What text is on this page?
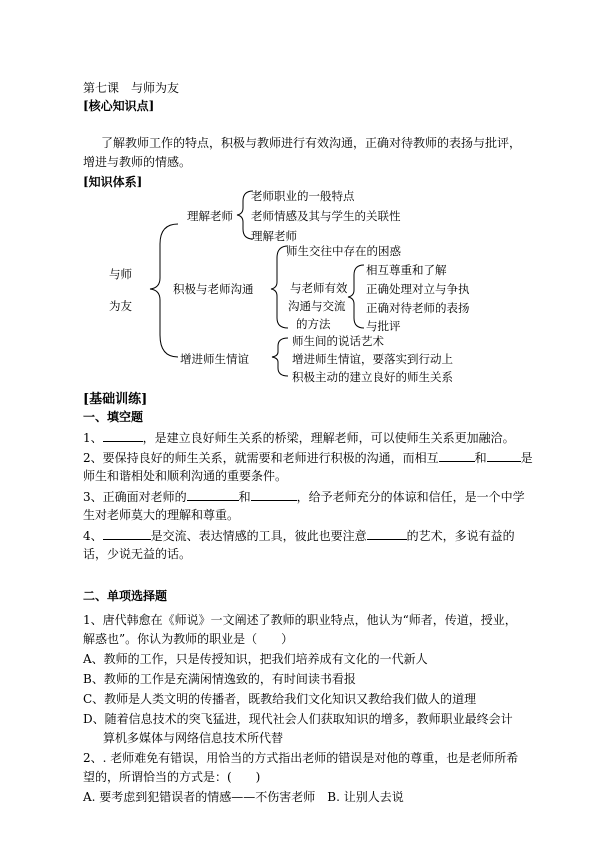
第七课　与师为友
[核心知识点]
了解教师工作的特点，积极与教师进行有效沟通，正确对待教师的表扬与批评，
增进与教师的情感。
[知识体系]
与师
为友
理解老师
老师职业的一般特点
老师情感及其与学生的关联性
理解老师
积极与老师沟通
师生交往中存在的困惑
与老师有效
沟通与交流
的方法
相互尊重和了解
正确处理对立与争执
正确对待老师的表扬
与批评
增进师生情谊
师生间的说话艺术
增进师生情谊，要落实到行动上
积极主动的建立良好的师生关系
[基础训练]
一、填空题
1、	，是建立良好师生关系的桥梁，理解老师，可以使师生关系更加融洽。
2、要保持良好的师生关系，就需要和老师进行积极的沟通，而相互	和	是
师生和谐相处和顺利沟通的重要条件。
3、正确面对老师的	和	，给予老师充分的体谅和信任，是一个中学
生对老师莫大的理解和尊重。
4、	是交流、表达情感的工具，彼此也要注意	的艺术，多说有益的
话，少说无益的话。
二、单项选择题
1、唐代韩愈在《师说》一文阐述了教师的职业特点，他认为“师者，传道，授业，
解惑也”。你认为教师的职业是（　　）
A、教师的工作，只是传授知识，把我们培养成有文化的一代新人
B、教师的工作是充满闲情逸致的，有时间读书看报
C、教师是人类文明的传播者，既教给我们文化知识又教给我们做人的道理
D、随着信息技术的突飞猛进，现代社会人们获取知识的增多，教师职业最终会计
算机多媒体与网络信息技术所代替
2、. 老师难免有错误，用恰当的方式指出老师的错误是对他的尊重，也是老师所希
望的，所谓恰当的方式是：(　　)
A. 要考虑到犯错误者的情感——不伤害老师　B. 让别人去说
